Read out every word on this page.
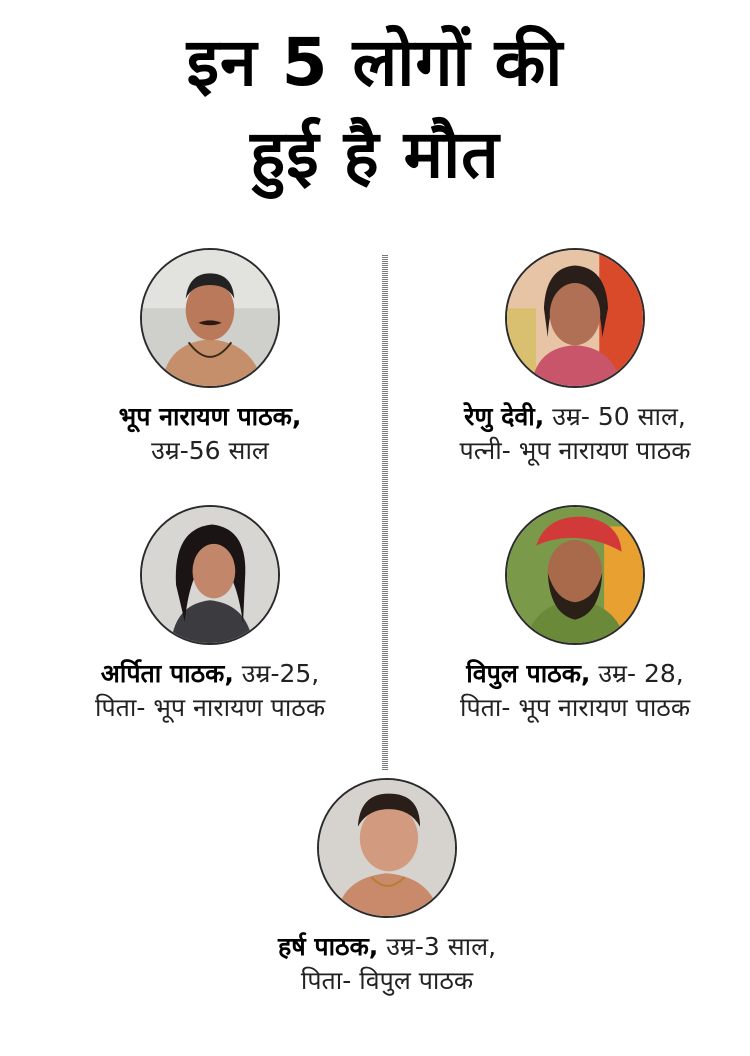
इन 5 लोगों की
हुई है मौत
भूप नारायण पाठक,
उम्र-56 साल
रेणु देवी, उम्र- 50 साल,
पत्नी- भूप नारायण पाठक
अर्पिता पाठक, उम्र-25,
पिता- भूप नारायण पाठक
विपुल पाठक, उम्र- 28,
पिता- भूप नारायण पाठक
हर्ष पाठक, उम्र-3 साल,
पिता- विपुल पाठक
